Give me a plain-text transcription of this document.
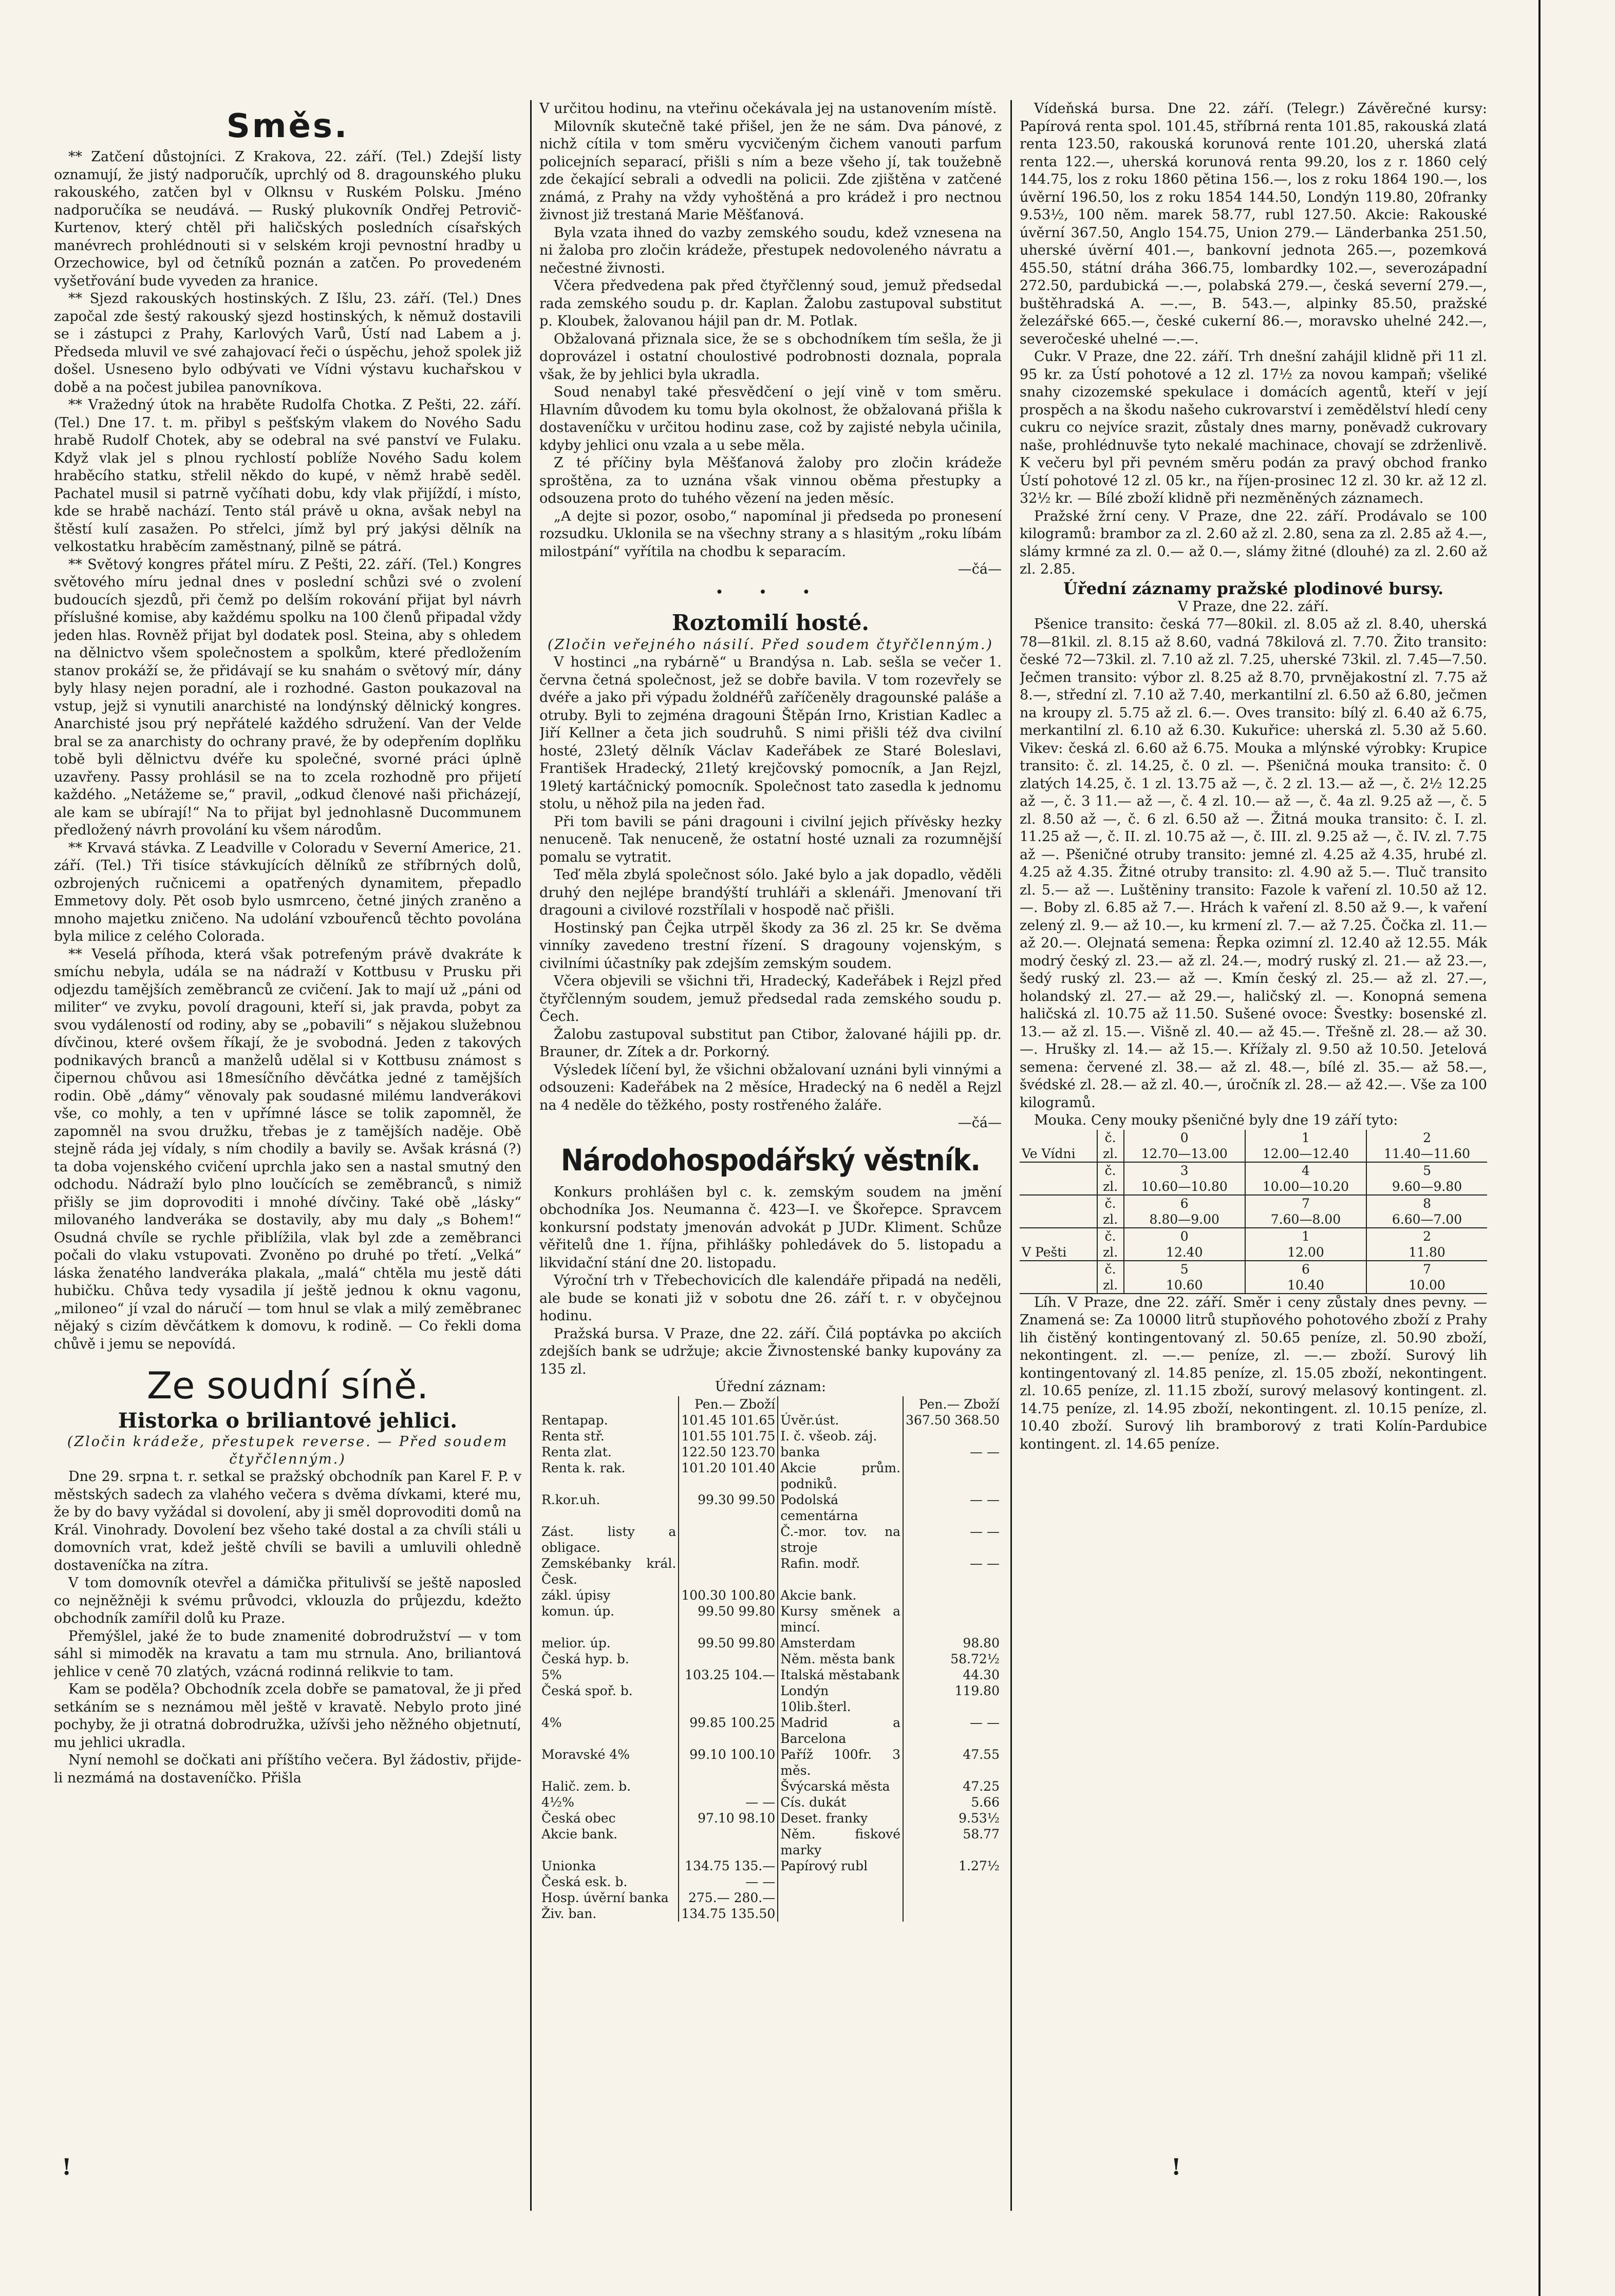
Směs.

** Zatčení důstojníci. Z Krakova, 22. září. (Tel.) Zdejší listy oznamují, že jistý nadporučík, uprchlý od 8. dragounského pluku rakouského, zatčen byl v Olknsu v Ruském Polsku. Jméno nadporučíka se neudává. — Ruský plukovník Ondřej Petrovič-Kurtenov, který chtěl při haličských posledních císařských manévrech prohlédnouti si v selském kroji pevnostní hradby u Orzechowice, byl od četníků poznán a zatčen. Po provedeném vyšetřování bude vyveden za hranice.

** Sjezd rakouských hostinských. Z Išlu, 23. září. (Tel.) Dnes započal zde šestý rakouský sjezd hostinských, k němuž dostavili se i zástupci z Prahy, Karlových Varů, Ústí nad Labem a j. Předseda mluvil ve své zahajovací řeči o úspěchu, jehož spolek již došel. Usneseno bylo odbývati ve Vídni výstavu kuchařskou v době a na počest jubilea panovníkova.

** Vražedný útok na hraběte Rudolfa Chotka. Z Pešti, 22. září. (Tel.) Dne 17. t. m. přibyl s pešťským vlakem do Nového Sadu hrabě Rudolf Chotek, aby se odebral na své panství ve Fulaku. Když vlak jel s plnou rychlostí poblíže Nového Sadu kolem hraběcího statku, střelil někdo do kupé, v němž hrabě seděl. Pachatel musil si patrně vyčíhati dobu, kdy vlak přijíždí, i místo, kde se hrabě nachází. Tento stál právě u okna, avšak nebyl na štěstí kulí zasažen. Po střelci, jímž byl prý jakýsi dělník na velkostatku hraběcím zaměstnaný, pilně se pátrá.

** Světový kongres přátel míru. Z Pešti, 22. září. (Tel.) Kongres světového míru jednal dnes v poslední schůzi své o zvolení budoucích sjezdů, při čemž po delším rokování přijat byl návrh příslušné komise, aby každému spolku na 100 členů připadal vždy jeden hlas. Rovněž přijat byl dodatek posl. Steina, aby s ohledem na dělnictvo všem společnostem a spolkům, které předložením stanov prokáží se, že přidávají se ku snahám o světový mír, dány byly hlasy nejen poradní, ale i rozhodné. Gaston poukazoval na vstup, jejž si vynutili anarchisté na londýnský dělnický kongres. Anarchisté jsou prý nepřátelé každého sdružení. Van der Velde bral se za anarchisty do ochrany pravé, že by odepřením doplňku tobě byli dělnictvu dvéře ku společné, svorné práci úplně uzavřeny. Passy prohlásil se na to zcela rozhodně pro přijetí každého. „Netážeme se,“ pravil, „odkud členové naši přicházejí, ale kam se ubírají!“ Na to přijat byl jednohlasně Ducommunem předložený návrh provolání ku všem národům.

** Krvavá stávka. Z Leadville v Coloradu v Severní Americe, 21. září. (Tel.) Tři tisíce stávkujících dělníků ze stříbrných dolů, ozbrojených ručnicemi a opatřených dynamitem, přepadlo Emmetovy doly. Pět osob bylo usmrceno, četné jiných zraněno a mnoho majetku zničeno. Na udolání vzbouřenců těchto povolána byla milice z celého Colorada.

** Veselá příhoda, která však potrefeným právě dvakráte k smíchu nebyla, udála se na nádraží v Kottbusu v Prusku při odjezdu tamějších zeměbranců ze cvičení. Jak to mají už „páni od militer“ ve zvyku, povolí dragouni, kteří si, jak pravda, pobyt za svou vydáleností od rodiny, aby se „pobavili“ s nějakou služebnou dívčinou, které ovšem říkají, že je svobodná. Jeden z takových podnikavých branců a manželů udělal si v Kottbusu známost s čipernou chůvou asi 18mesíčního děvčátka jedné z tamějších rodin. Obě „dámy“ věnovaly pak soudasné milému landverákovi vše, co mohly, a ten v upřímné lásce se tolik zapomněl, že zapomněl na svou družku, třebas je z tamějších naděje. Obě stejně ráda jej vídaly, s ním chodily a bavily se. Avšak krásná (?) ta doba vojenského cvičení uprchla jako sen a nastal smutný den odchodu. Nádraží bylo plno loučících se zeměbranců, s nimiž přišly se jim doprovoditi i mnohé dívčiny. Také obě „lásky“ milovaného landveráka se dostavily, aby mu daly „s Bohem!“ Osudná chvíle se rychle přiblížila, vlak byl zde a zeměbranci počali do vlaku vstupovati. Zvoněno po druhé po třetí. „Velká“ láska ženatého landveráka plakala, „malá“ chtěla mu jestě dáti hubičku. Chůva tedy vysadila jí ještě jednou k oknu vagonu, „miloneo“ jí vzal do náručí — tom hnul se vlak a milý zeměbranec nějaký s cizím děvčátkem k domovu, k rodině. — Co řekli doma chůvě i jemu se nepovídá.

Ze soudní síně.
Historka o briliantové jehlici.
(Zločin krádeže, přestupek reverse. — Před soudem čtyřčlenným.)

Dne 29. srpna t. r. setkal se pražský obchodník pan Karel F. P. v městských sadech za vlahého večera s dvěma dívkami, které mu, že by do bavy vyžádal si dovolení, aby ji směl doprovoditi domů na Král. Vinohrady. Dovolení bez všeho také dostal a za chvíli stáli u domovních vrat, kdež ještě chvíli se bavili a umluvili ohledně dostaveníčka na zítra.

V tom domovník otevřel a dámička přitulivší se ještě naposled co nejněžněji k svému průvodci, vklouzla do průjezdu, kdežto obchodník zamířil dolů ku Praze.

Přemýšlel, jaké že to bude znamenité dobrodružství — v tom sáhl si mimoděk na kravatu a tam mu strnula. Ano, briliantová jehlice v ceně 70 zlatých, vzácná rodinná relikvie to tam.

Kam se poděla? Obchodník zcela dobře se pamatoval, že ji před setkáním se s neznámou měl ještě v kravatě. Nebylo proto jiné pochyby, že ji otratná dobrodružka, užívši jeho něžného objetnutí, mu jehlici ukradla.

Nyní nemohl se dočkati ani příštího večera. Byl žádostiv, přijde-li nezmámá na dostaveníčko. Přišla

V určitou hodinu, na vteřinu očekávala jej na ustanovením místě.

Milovník skutečně také přišel, jen že ne sám. Dva pánové, z nichž cítila v tom směru vycvičeným čichem vanouti parfum policejních separací, přišli s ním a beze všeho jí, tak toužebně zde čekající sebrali a odvedli na policii. Zde zjištěna v zatčené známá, z Prahy na vždy vyhoštěná a pro krádež i pro nectnou živnost již trestaná Marie Měšťanová.

Byla vzata ihned do vazby zemského soudu, kdež vznesena na ni žaloba pro zločin krádeže, přestupek nedovoleného návratu a nečestné živnosti.

Včera předvedena pak před čtyřčlenný soud, jemuž předsedal rada zemského soudu p. dr. Kaplan. Žalobu zastupoval substitut p. Kloubek, žalovanou hájil pan dr. M. Potlak.

Obžalovaná přiznala sice, že se s obchodníkem tím sešla, že ji doprovázel i ostatní choulostivé podrobnosti doznala, poprala však, že by jehlici byla ukradla.

Soud nenabyl také přesvědčení o její vině v tom směru. Hlavním důvodem ku tomu byla okolnost, že obžalovaná přišla k dostaveníčku v určitou hodinu zase, což by zajisté nebyla učinila, kdyby jehlici onu vzala a u sebe měla.

Z té příčiny byla Měšťanová žaloby pro zločin krádeže sproštěna, za to uznána však vinnou oběma přestupky a odsouzena proto do tuhého vězení na jeden měsíc.

„A dejte si pozor, osobo,“ napomínal ji předseda po pronesení rozsudku. Uklonila se na všechny strany a s hlasitým „roku líbám milostpání“ vyřítila na chodbu k separacím.

—čá—
• • •
Roztomilí hosté.
(Zločin veřejného násilí. Před soudem čtyřčlenným.)

V hostinci „na rybárně“ u Brandýsa n. Lab. sešla se večer 1. června četná společnost, jež se dobře bavila. V tom rozevřely se dvéře a jako při výpadu žoldnéřů zaříčeněly dragounské paláše a otruby. Byli to zejména dragouni Štěpán Irno, Kristian Kadlec a Jiří Kellner a četa jich soudruhů. S nimi přišli též dva civilní hosté, 23letý dělník Václav Kadeřábek ze Staré Boleslavi, František Hradecký, 21letý krejčovský pomocník, a Jan Rejzl, 19letý kartáčnický pomocník. Společnost tato zasedla k jednomu stolu, u něhož pila na jeden řad.

Při tom bavili se páni dragouni i civilní jejich přívěsky hezky nenuceně. Tak nenuceně, že ostatní hosté uznali za rozumnější pomalu se vytratit.

Teď měla zbylá společnost sólo. Jaké bylo a jak dopadlo, věděli druhý den nejlépe brandýští truhláři a sklenáři. Jmenovaní tři dragouni a civilové rozstřílali v hospodě nač přišli.

Hostinský pan Čejka utrpěl škody za 36 zl. 25 kr. Se dvěma vinníky zavedeno trestní řízení. S dragouny vojenským, s civilními účastníky pak zdejším zemským soudem.

Včera objevili se všichni tři, Hradecký, Kadeřábek i Rejzl před čtyřčlenným soudem, jemuž předsedal rada zemského soudu p. Čech.

Žalobu zastupoval substitut pan Ctibor, žalované hájili pp. dr. Brauner, dr. Zítek a dr. Porkorný.

Výsledek líčení byl, že všichni obžalovaní uznáni byli vinnými a odsouzeni: Kadeřábek na 2 měsíce, Hradecký na 6 neděl a Rejzl na 4 neděle do těžkého, posty rostřeného žaláře.

—čá—
Národohospodářský věstník.

Konkurs prohlášen byl c. k. zemským soudem na jmění obchodníka Jos. Neumanna č. 423—I. ve Škořepce. Spravcem konkursní podstaty jmenován advokát p JUDr. Kliment. Schůze věřitelů dne 1. října, přihlášky pohledávek do 5. listopadu a likvidační stání dne 20. listopadu.

Výroční trh v Třebechovicích dle kalendáře připadá na neděli, ale bude se konati již v sobotu dne 26. září t. r. v obyčejnou hodinu.

Pražská bursa. V Praze, dne 22. září. Čilá poptávka po akciích zdejších bank se udržuje; akcie Živnostenské banky kupovány za 135 zl.

Úřední záznam:
	Pen.— Zboží		Pen.— Zboží
Rentapap.	101.45 101.65	Úvěr.úst.	367.50 368.50
Renta stř.	101.55 101.75	I. č. všeob. záj.	
Renta zlat.	122.50 123.70	banka	— —
Renta k. rak.	101.20 101.40	Akcie prům. podniků.	
R.kor.uh.	99.30 99.50	Podolská cementárna	— —
Zást. listy a obligace.		Č.-mor. tov. na stroje	— —
Zemskébanky král. Česk.		Rafin. modř.	— —
zákl. úpisy	100.30 100.80	Akcie bank.	
komun. úp.	99.50 99.80	Kursy směnek a mincí.	
melior. úp.	99.50 99.80	Amsterdam	98.80
Česká hyp. b.		Něm. města bank	58.72½
5%	103.25 104.—	Italská městabank	44.30
Česká spoř. b.		Londýn 10lib.šterl.	119.80
4%	99.85 100.25	Madrid a Barcelona	— —
Moravské 4%	99.10 100.10	Paříž 100fr. 3 měs.	47.55
Halič. zem. b.		Švýcarská města	47.25
4½%	— —	Cís. dukát	5.66
Česká obec	97.10 98.10	Deset. franky	9.53½
Akcie bank.		Něm. fiskové marky	58.77
Unionka	134.75 135.—	Papírový rubl	1.27½
Česká esk. b.	— —		
Hosp. úvěrní banka	275.— 280.—		
Živ. ban.	134.75 135.50		

Vídeňská bursa. Dne 22. září. (Telegr.) Závěrečné kursy: Papírová renta spol. 101.45, stříbrná renta 101.85, rakouská zlatá renta 123.50, rakouská korunová rente 101.20, uherská zlatá renta 122.—, uherská korunová renta 99.20, los z r. 1860 celý 144.75, los z roku 1860 pětina 156.—, los z roku 1864 190.—, los úvěrní 196.50, los z roku 1854 144.50, Londýn 119.80, 20franky 9.53½, 100 něm. marek 58.77, rubl 127.50. Akcie: Rakouské úvěrní 367.50, Anglo 154.75, Union 279.— Länderbanka 251.50, uherské úvěrní 401.—, bankovní jednota 265.—, pozemková 455.50, státní dráha 366.75, lombardky 102.—, severozápadní 272.50, pardubická —.—, polabská 279.—, česká severní 279.—, buštěhradská A. —.—, B. 543.—, alpinky 85.50, pražské železářské 665.—, české cukerní 86.—, moravsko uhelné 242.—, severočeské uhelné —.—.

Cukr. V Praze, dne 22. září. Trh dnešní zahájil klidně při 11 zl. 95 kr. za Ústí pohotové a 12 zl. 17½ za novou kampaň; všeliké snahy cizozemské spekulace i domácích agentů, kteří v její prospěch a na škodu našeho cukrovarství i zemědělství hledí ceny cukru co nejvíce srazit, zůstaly dnes marny, poněvadž cukrovary naše, prohlédnuvše tyto nekalé machinace, chovají se zdrženlivě. K večeru byl při pevném směru podán za pravý obchod franko Ústí pohotové 12 zl. 05 kr., na říjen-prosinec 12 zl. 30 kr. až 12 zl. 32½ kr. — Bílé zboží klidně při nezměněných záznamech.

Pražské žrní ceny. V Praze, dne 22. září. Prodávalo se 100 kilogramů: brambor za zl. 2.60 až zl. 2.80, sena za zl. 2.85 až 4.—, slámy krmné za zl. 0.— až 0.—, slámy žitné (dlouhé) za zl. 2.60 až zl. 2.85.

Úřední záznamy pražské plodinové bursy.
V Praze, dne 22. září.

Pšenice transito: česká 77—80kil. zl. 8.05 až zl. 8.40, uherská 78—81kil. zl. 8.15 až 8.60, vadná 78kilová zl. 7.70. Žito transito: české 72—73kil. zl. 7.10 až zl. 7.25, uherské 73kil. zl. 7.45—7.50. Ječmen transito: výbor zl. 8.25 až 8.70, prvnějakostní zl. 7.75 až 8.—, střední zl. 7.10 až 7.40, merkantilní zl. 6.50 až 6.80, ječmen na kroupy zl. 5.75 až zl. 6.—. Oves transito: bílý zl. 6.40 až 6.75, merkantilní zl. 6.10 až 6.30. Kukuřice: uherská zl. 5.30 až 5.60. Vikev: česká zl. 6.60 až 6.75. Mouka a mlýnské výrobky: Krupice transito: č. zl. 14.25, č. 0 zl. —. Pšeničná mouka transito: č. 0 zlatých 14.25, č. 1 zl. 13.75 až —, č. 2 zl. 13.— až —, č. 2½ 12.25 až —, č. 3 11.— až —, č. 4 zl. 10.— až —, č. 4a zl. 9.25 až —, č. 5 zl. 8.50 až —, č. 6 zl. 6.50 až —. Žitná mouka transito: č. I. zl. 11.25 až —, č. II. zl. 10.75 až —, č. III. zl. 9.25 až —, č. IV. zl. 7.75 až —. Pšeničné otruby transito: jemné zl. 4.25 až 4.35, hrubé zl. 4.25 až 4.35. Žitné otruby transito: zl. 4.90 až 5.—. Tluč transito zl. 5.— až —. Luštěniny transito: Fazole k vaření zl. 10.50 až 12.—. Boby zl. 6.85 až 7.—. Hrách k vaření zl. 8.50 až 9.—, k vaření zelený zl. 9.— až 10.—, ku krmení zl. 7.— až 7.25. Čočka zl. 11.— až 20.—. Olejnatá semena: Řepka ozimní zl. 12.40 až 12.55. Mák modrý český zl. 23.— až zl. 24.—, modrý ruský zl. 21.— až 23.—, šedý ruský zl. 23.— až —. Kmín český zl. 25.— až zl. 27.—, holandský zl. 27.— až 29.—, haličský zl. —. Konopná semena haličská zl. 10.75 až 11.50. Sušené ovoce: Švestky: bosenské zl. 13.— až zl. 15.—. Višně zl. 40.— až 45.—. Třešně zl. 28.— až 30.—. Hrušky zl. 14.— až 15.—. Křížaly zl. 9.50 až 10.50. Jetelová semena: červené zl. 38.— až zl. 48.—, bílé zl. 35.— až 58.—, švédské zl. 28.— až zl. 40.—, úročník zl. 28.— až 42.—. Vše za 100 kilogramů.

Mouka. Ceny mouky pšeničné byly dne 19 září tyto:

	č.	0	1	2
Ve Vídni	zl.	12.70—13.00	12.00—12.40	11.40—11.60
	č.	3	4	5
	zl.	10.60—10.80	10.00—10.20	9.60—9.80
	č.	6	7	8
	zl.	8.80—9.00	7.60—8.00	6.60—7.00
	č.	0	1	2
V Pešti	zl.	12.40	12.00	11.80
	č.	5	6	7
	zl.	10.60	10.40	10.00

Líh. V Praze, dne 22. září. Směr i ceny zůstaly dnes pevny. — Znamená se: Za 10000 litrů stupňového pohotového zboží z Prahy lih čistěný kontingentovaný zl. 50.65 peníze, zl. 50.90 zboží, nekontingent. zl. —.— peníze, zl. —.— zboží. Surový lih kontingentovaný zl. 14.85 peníze, zl. 15.05 zboží, nekontingent. zl. 10.65 peníze, zl. 11.15 zboží, surový melasový kontingent. zl. 14.75 peníze, zl. 14.95 zboží, nekontingent. zl. 10.15 peníze, zl. 10.40 zboží. Surový lih bramborový z trati Kolín-Pardubice kontingent. zl. 14.65 peníze.

!	!
